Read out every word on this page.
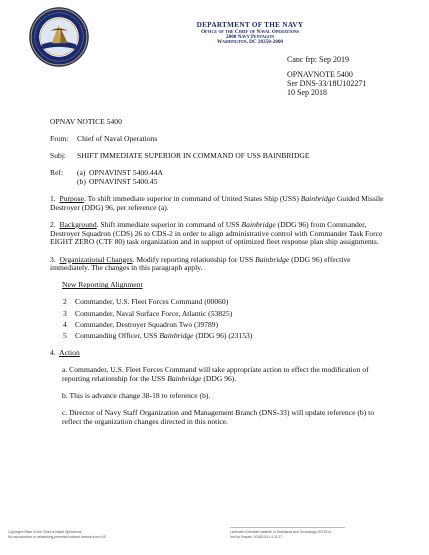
DEPARTMENT OF THE NAVY
Office of the Chief of Naval Operations
2000 Navy Pentagon
Washington, DC 20350-2000
Canc frp: Sep 2019
OPNAVNOTE 5400
Ser DNS-33/18U102271
10 Sep 2018

OPNAV NOTICE 5400

From:	Chief of Naval Operations
Subj:	SHIFT IMMEDIATE SUPERIOR IN COMMAND OF USS BAINBRIDGE
Ref:	(a) OPNAVINST 5400.44A
(b) OPNAVINST 5400.45

1. Purpose. To shift immediate superior in command of United States Ship (USS) Bainbridge Guided Missile Destroyer (DDG) 96, per reference (a).

2. Background. Shift immediate superior in command of USS Bainbridge (DDG 96) from Commander, Destroyer Squadron (CDS) 26 to CDS-2 in order to align administrative control with Commander Task Force EIGHT ZERO (CTF 80) task organization and in support of optimized fleet response plan ship assignments.

3. Organizational Changes. Modify reporting relationship for USS Bainbridge (DDG 96) effective immediately. The changes in this paragraph apply.

New Reporting Alignment

2	Commander, U.S. Fleet Forces Command (00060)
3	Commander, Naval Surface Force, Atlantic (53825)
4	Commander, Destroyer Squadron Two (39789)
5	Commanding Officer, USS Bainbridge (DDG 96) (23153)

4. Action

a. Commander, U.S. Fleet Forces Command will take appropriate action to effect the modification of reporting relationship for the USS Bainbridge (DDG 96).

b. This is advance change 38-18 to reference (b).

c. Director of Navy Staff Organization and Management Branch (DNS-33) will update reference (b) to reflect the organization changes directed in this notice.

Copyright Office of the Chief of Naval Operations
No reproduction or networking permitted without license from IHS
Licensee=Sheridan Institute of Standards and Technology 6071514
Not for Resale, 2018/10/11 4:11:27
